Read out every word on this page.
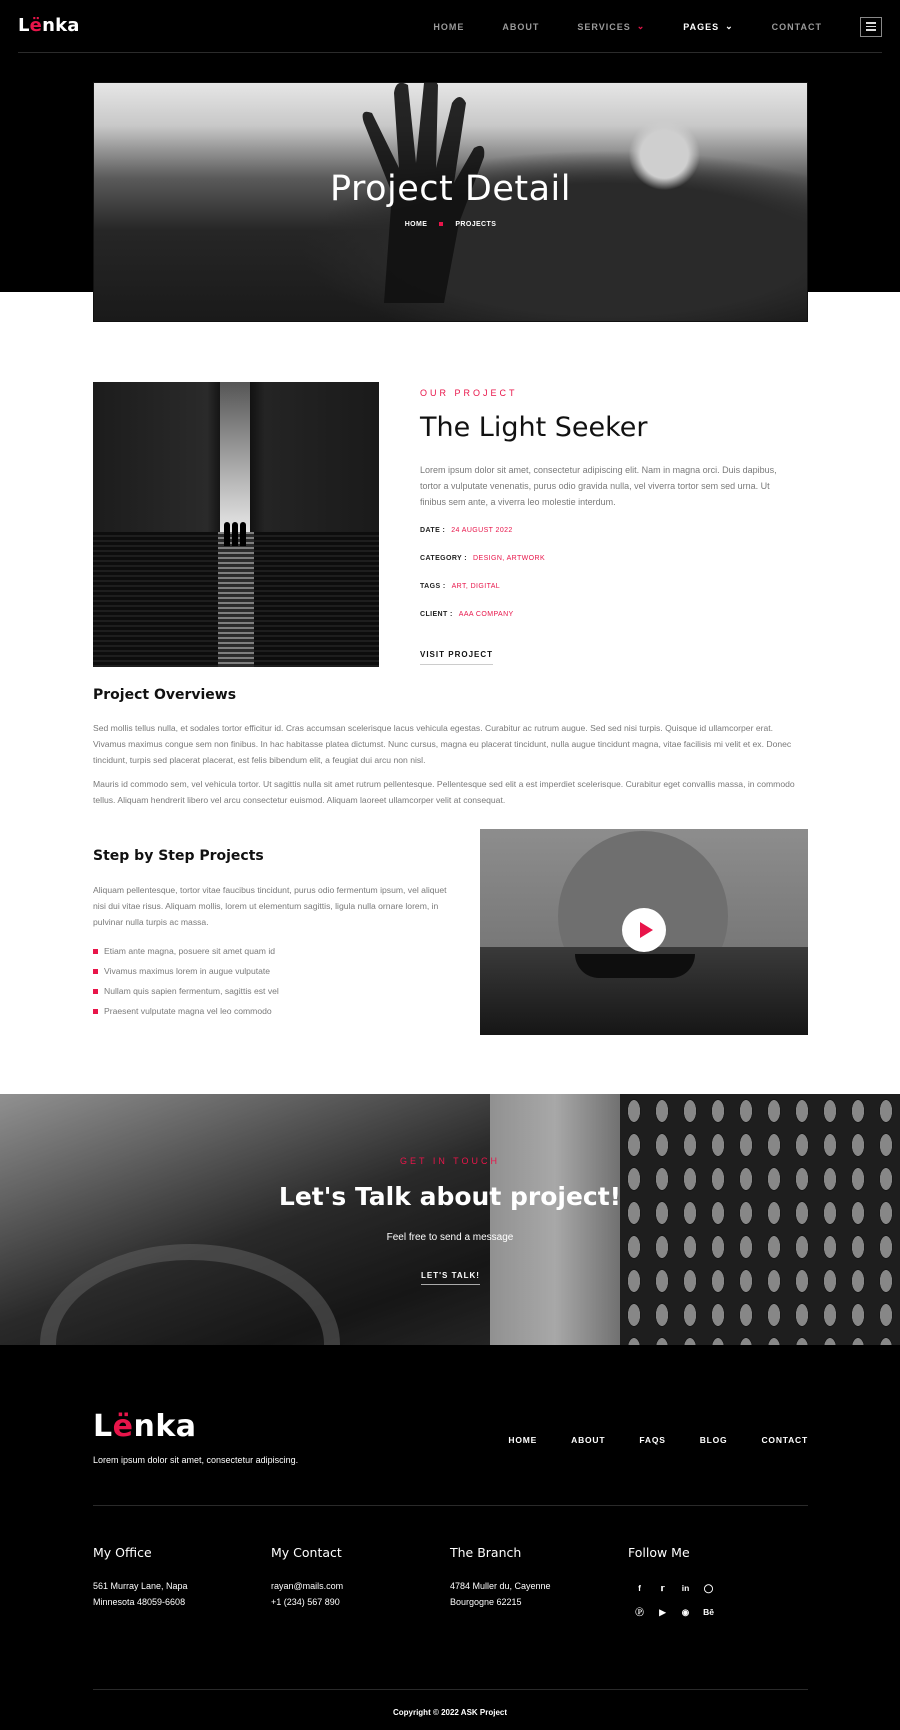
Lënka	HOME	ABOUT	SERVICES ⌄	PAGES ⌄	CONTACT
Project Detail
HOME	PROJECTS
OUR PROJECT
The Light Seeker

Lorem ipsum dolor sit amet, consectetur adipiscing elit. Nam in magna orci. Duis dapibus, tortor a vulputate venenatis, purus odio gravida nulla, vel viverra tortor sem sed urna. Ut finibus sem ante, a viverra leo molestie interdum.

DATE : 24 AUGUST 2022
CATEGORY : DESIGN, ARTWORK
TAGS : ART, DIGITAL
CLIENT : AAA COMPANY
VISIT PROJECT
Project Overviews

Sed mollis tellus nulla, et sodales tortor efficitur id. Cras accumsan scelerisque lacus vehicula egestas. Curabitur ac rutrum augue. Sed sed nisi turpis. Quisque id ullamcorper erat. Vivamus maximus congue sem non finibus. In hac habitasse platea dictumst. Nunc cursus, magna eu placerat tincidunt, nulla augue tincidunt magna, vitae facilisis mi velit et ex. Donec tincidunt, turpis sed placerat placerat, est felis bibendum elit, a feugiat dui arcu non nisl.

Mauris id commodo sem, vel vehicula tortor. Ut sagittis nulla sit amet rutrum pellentesque. Pellentesque sed elit a est imperdiet scelerisque. Curabitur eget convallis massa, in commodo tellus. Aliquam hendrerit libero vel arcu consectetur euismod. Aliquam laoreet ullamcorper velit at consequat.

Step by Step Projects

Aliquam pellentesque, tortor vitae faucibus tincidunt, purus odio fermentum ipsum, vel aliquet nisi dui vitae risus. Aliquam mollis, lorem ut elementum sagittis, ligula nulla ornare lorem, in pulvinar nulla turpis ac massa.

Etiam ante magna, posuere sit amet quam id
Vivamus maximus lorem in augue vulputate
Nullam quis sapien fermentum, sagittis est vel
Praesent vulputate magna vel leo commodo
GET IN TOUCH
Let's Talk about project!

Feel free to send a message

LET'S TALK!
Lënka

Lorem ipsum dolor sit amet, consectetur adipiscing.

HOME	ABOUT	FAQS	BLOG	CONTACT
My Office

561 Murray Lane, Napa

Minnesota 48059-6608

My Contact

rayan@mails.com

+1 (234) 567 890

The Branch

4784 Muller du, Cayenne

Bourgogne 62215

Follow Me
f	𝕣	in	◯
Ⓟ	▶	◉	Bē
Copyright © 2022 ASK Project
